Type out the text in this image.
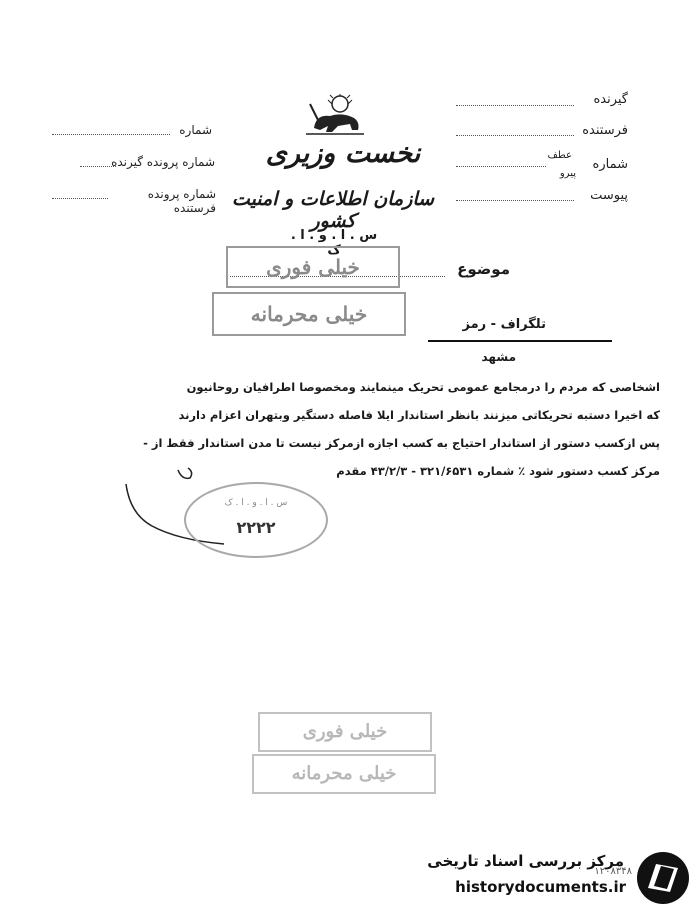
شماره
شماره پرونده گیرنده
شماره پرونده فرستنده
نخست وزیری
سازمان اطلاعات و امنیت کشور
س . ا . و . ا . ک
گیرنده
فرستنده
عطف
پیرو
شماره
پیوست
موضوع
خیلی فوری
خیلی محرمانه	تلگراف - رمز
مشهد
اشخاصی که مردم را درمجامع عمومی تحریک مینمایند ومخصوصا اطرافیان روحانیون
که اخیرا دستبه تحریکاتی میزنند بانظر استاندار ایلا فاصله دستگیر وبتهران اعزام دارند
پس ازکسب دستور از استاندار احتیاج به کسب اجازه ازمرکز نیست تا مدن استاندار فقط از -
مرکز کسب دستور شود ٪ شماره ۳۲۱/۶۵۳۱ - ۴۳/۲/۳ مقدم
س . ا . و . ا . ک
۲۲۲۲
خیلی فوری
خیلی محرمانه
مرکز بررسی اسناد تاریخی
historydocuments.ir
۱۲۰۸۳۴۸
